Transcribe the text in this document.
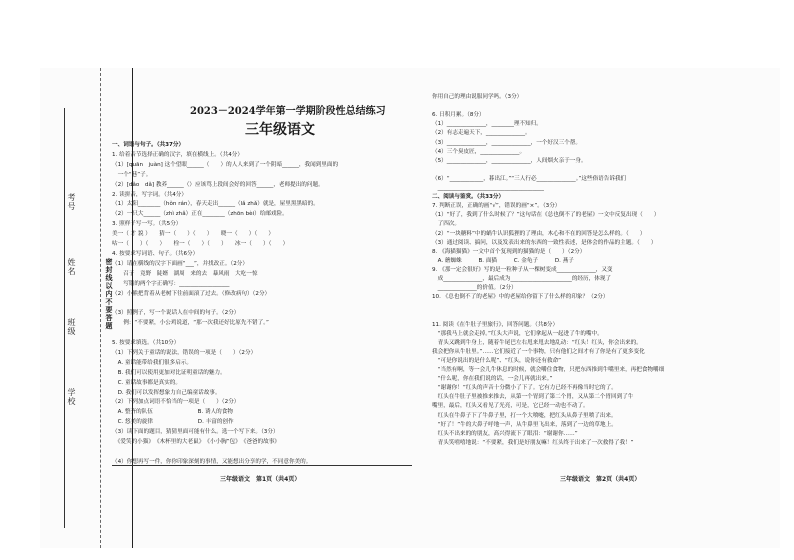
学校
班级
姓名
考号
密封线以内不要答题
2023－2024学年第一学期阶段性总结练习
三年级语文
一、词语与句子。（共37分）
1. 给着音节选择正确的汉字，填在横线上。（共4分）
（1）[quān　juàn] 这个望眼______（　　）的人人来到了一个阴暗______，我闻到里面的
　一个“巷”子。
（2）[dǎo　dǎ] 教养______（）应该骂上段间会好的回答______，老师提出的问题。
2. 读拼音，写字词。（共4分）
（1）太阳________（hǒn rán），春天走出______（lǎ zhǎ）就是，屋里黑黑暗的。
（2）一只大______（zhì zhǎ）正在________（zhōn bèi）给邮戏险。
3. 照样子写一写。（共5分）
美一（ 才 貌 ）　　猜一（　　）（　　）　　晓一（　　）（　　）
咕一（　　）（　　）　　栓一（　　）（　　）　　冰一（　　）（　　）
4. 按要求写词语、句子。（共6分）
（1）请在横线的汉字下面画“___”，并找改正。（2分）
　　召子　竟野　陡婿　湖周　来的去　暴风雨　大吃一惊
　　写错的两个字正确写：__________________
（2）小熊把背着从老树下往前面滚了过去。（修改病句）（2分）
（3）照例子，写一个说话人在中间的句子。（2分）
　　例：“不要紧，小公鸡说道，“那一次我还好比原先不错了。”
5. 按要求填选。（共10分）
（1）下列关于童话的说法，错误的一项是（　　）（2分）
　A. 童话能带给我们很多启示。
　B. 我们可以使用更加对比证明童话的魅力。
　C. 童话故事都是真实的。
　D. 我们可以发挥想象力自己编童话故事。
（2）下列加点词语不恰当的一项是（　　）（2分）
　A. 整齐的队伍　　　　　　　　B. 诱人的食物
　C. 悠美的旋律　　　　　　　　D. 丰富的创作
（3）读下面的题目，猜猜里面可能有什么。选一个写下来。（3分）
　《爱笑的小猫》　《木杯里的大老鼠》　《小小胸”包》　《爸爸的故事》
（4）你想再写一件，你你印象深刻的事情，又能想出分享的学，不同意你美的。
三年级语文　第1页（共4页）
你用自己的理由说服同学吗。（3分）
6. 日积月累。（8分）
（1）______________，________理不知归。
（2）有志走遍天下，______________。
（3）______________，______________，一个好汉三个帮。
（4）三个臭皮匠，______________。
（5）______________，______________，人间烟火亲于一身。
（6）“____________，暮出江。”“三人行必______________。”这些俗语告诉我们
　______________________________________
二、阅读与鉴赏。（共33分）
7. 判断正误，正确的画“√”，错误的画“×”。（3分）
（1）“好了，我到了什么时候了？”这句话在《总也倒不了的老屋》一文中反复出现（　　）
　了四次。
（2）“一块糖料”中的蜗牛认识狐狸的了理由，木心和不在的回答是怎么样的。（　　）
（3）通过阅读、搞问，以及发表出来的东西的一致性表述，是体会的作品的主题。（　　）
8. 《海猫猫猫》一文中首个复现到的猫猫的是（　　）（2分）
　A. 蘑蜘蛛　　　B. 面猫　　　C. 金龟子　　　D. 燕子
9. 《那一定会很好》写的是一粒种子从一棵树变成______________，又变
　成______________，最后成为______________________的经历，体现了
　______________的价值。（2分）
10. 《总也倒不了的老屋》中的老屋给你留下了什么样的印象？（2分）
11. 阅读《在牛肚子里旅行》，回答问题。（共8分）
　“那我马上就会走掉。”红头大声说，它们拿起从一起进了牛的嘴中。
　青头又跳到牛身上，随着牛尾巴左右甩来甩去地乱动：“红头！红头，你会出来的。
我会把你从牛肚里。”……它们接近了一个事物，只有他们之间才有了你是有了更多变化
　“可是你说出的是什么呢”、“红头，说你还有救命”
　“当然有啊，等一会儿牛休息的时候，就会嚼住食物，只把东西推到牛嘴里来，再把食物嚼细
　“什么呢，你在我们说的话，一会儿再就出来。”
　“谢谢你！”红头的声音十分微小了下了。它有力已经不再像当时它的了。
　红头在牛肚子里被推来推去，从第一个胃到了第二个胃，又从第二个胃回到了牛
嘴里，最后，红头又看见了光亮，可是，它已经一动也不动了。
　红头在牛鼻子下了牛鼻子里，打一个大喷嚏，把红头从鼻子里喷了出来。
　“好了！”牛的大鼻子呼地一声，从牛鼻里飞出来，落到了一边的草地上。
　红头不出来的的朋友，高兴得流下了眼泪：“谢谢你……”
　青头笑嘻嘻地说：“不要紧，我们是好朋友嘛！红头终于出来了一次救得了我！”
三年级语文　第2页（共4页）
